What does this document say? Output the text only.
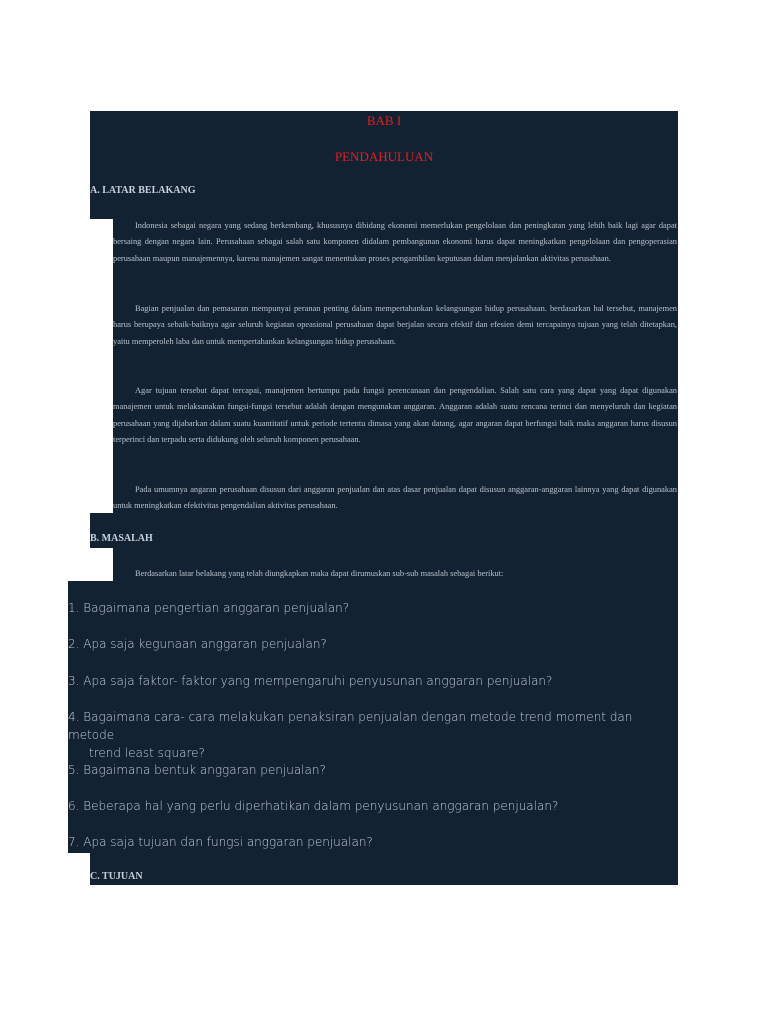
BAB I

PENDAHULUAN

A. LATAR BELAKANG

Indonesia sebagai negara yang sedang berkembang, khususnya dibidang ekonomi memerlukan pengelolaan dan peningkatan yang lebih baik lagi agar dapat bersaing dengan negara lain. Perusahaan sebagai salah satu komponen didalam pembangunan ekonomi harus dapat meningkatkan pengelolaan dan pengoperasian perusahaan maupun manajemennya, karena manajemen sangat menentukan proses pengambilan keputusan dalam menjalankan aktivitas perusahaan.

Bagian penjualan dan pemasaran mempunyai peranan penting dalam mempertahankan kelangsungan hidup perusahaan. berdasarkan hal tersebut, manajemen harus berupaya sebaik-baiknya agar seluruh kegiatan opeasional perusahaan dapat berjalan secara efektif dan efesien demi tercapainya tujuan yang telah ditetapkan, yaitu memperoleh laba dan untuk mempertahankan kelangsungan hidup perusahaan.

Agar tujuan tersebut dapat tercapai, manajemen bertumpu pada fungsi perencanaan dan pengendalian. Salah satu cara yang dapat yang dapat digunakan manajemen untuk melaksanakan fungsi-fungsi tersebut adalah dengan mengunakan anggaran. Anggaran adalah suatu rencana terinci dan menyeluruh dan kegiatan perusahaan yang dijabarkan dalam suatu kuantitatif untuk periode tertentu dimasa yang akan datang, agar angaran dapat berfungsi baik maka anggaran harus disusun terperinci dan terpadu serta didukung oleh seluruh komponen perusahaan.

Pada umumnya angaran perusahaan disusun dari anggaran penjualan dan atas dasar penjualan dapat disusun anggaran-anggaran lainnya yang dapat digunakan untuk meningkatkan efektivitas pengendalian aktivitas perusahaan.

B. MASALAH

Berdasarkan latar belakang yang telah diungkapkan maka dapat dirumuskan sub-sub masalah sebagai berikut:

1. Bagaimana pengertian anggaran penjualan?

2. Apa saja kegunaan anggaran penjualan?

3. Apa saja faktor- faktor yang mempengaruhi penyusunan anggaran penjualan?

4. Bagaimana cara- cara melakukan penaksiran penjualan dengan metode trend moment dan metode
trend least square?

5. Bagaimana bentuk anggaran penjualan?

6. Beberapa hal yang perlu diperhatikan dalam penyusunan anggaran penjualan?

7. Apa saja tujuan dan fungsi anggaran penjualan?

C. TUJUAN
